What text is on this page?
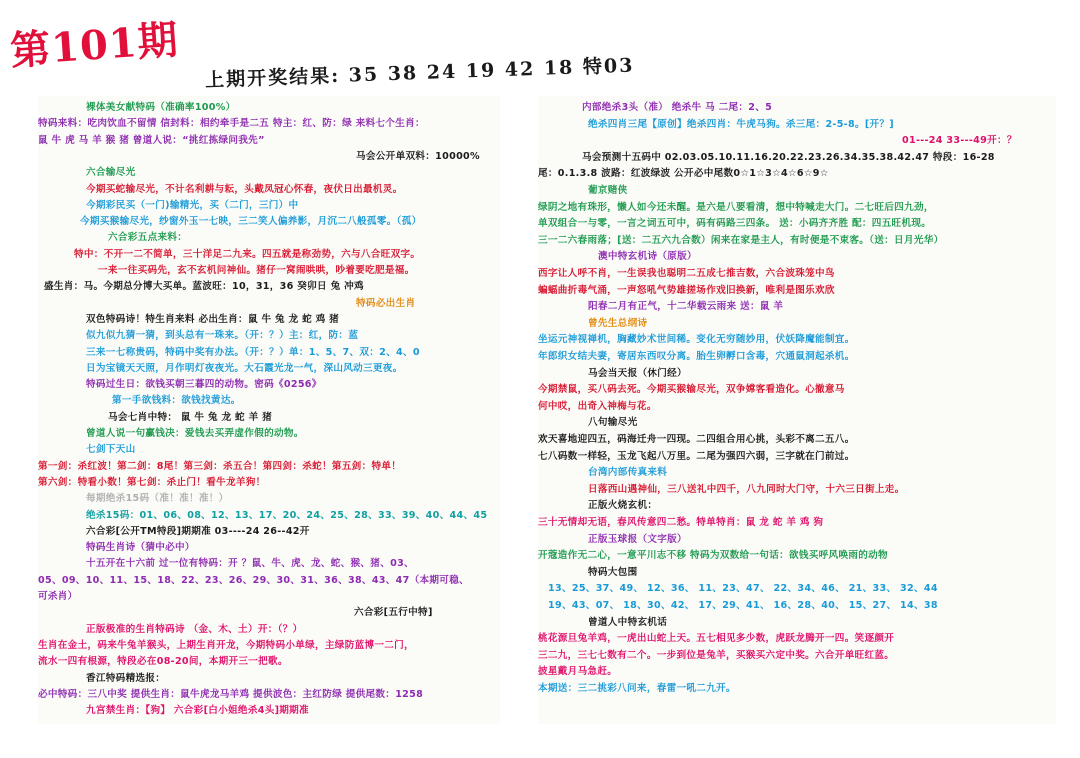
第101期 上期开奖结果: 35 38 24 19 42 18 特03
裸体美女献特码（准确率100%）
特码来料：吃肉饮血不留情 信封料：相约牵手是二五 特主：红、防：绿 来料七个生肖：
鼠 牛 虎 马 羊 猴 猪 曾道人说：“挑红拣绿问我先”
马会公开单双料：10000%
六合输尽光
今期买蛇输尽光，不计名利耕与耘，头戴凤冠心怀春，夜伏日出最机灵。
今期彩民买（一门)输精光，买（二门，三门）中
今期买猴输尽光，纱窗外玉一七映，三二笑人偏养影，月沉二八般孤零。（孤）
六合彩五点来料：
特中：不开一二不简单，三十洋足二九来。四五就是称劲势，六与八合旺双字。
一来一往买码先，玄不玄机问神仙。猪仔一窝闹哄哄，吵着要吃肥是福。
盛生肖：马。今期总分博大买单。蓝波旺：10，31，36 癸卯日 兔 冲鸡
特码必出生肖
双色特码诗！特生肖来料 必出生肖：鼠 牛 兔 龙 蛇 鸡 猪
似九似九猜一猜，到头总有一珠来。（开：？）主：红，防：蓝
三来一七称贵码，特码中奖有办法。（开：？）单：1、5、7、双：2、4、0
日为宝镜天天照，月作明灯夜夜光。大石霞光龙一气，深山风动三更夜。
特码过生日：欲钱买朝三暮四的动物。密码《0256》
第一手欲钱料：欲钱找黄达。
马会七肖中特： 鼠 牛 兔 龙 蛇 羊 猪
曾道人说一句赢钱决：爱钱去买弄虚作假的动物。
七剑下天山
第一剑：杀红波！第二剑：8尾！第三剑：杀五合！第四剑：杀蛇！第五剑：特单！
第六剑：特看小数！第七剑：杀止门！看牛龙羊狗！
每期绝杀15码（准！准！准！）
绝杀15码：01、06、08、12、13、17、20、24、25、28、33、39、40、44、45
六合彩[公开TM特段]期期准 03----24 26--42开
特码生肖诗（猜中必中）
十五开在十六前 过一位有特码：开 ？鼠、牛、虎、龙、蛇、猴、猪、03、
05、09、10、11、15、18、22、23、26、29、30、31、36、38、43、47（本期可稳、
可杀肖）
六合彩[五行中特]
正版极准的生肖特码诗 （金、木、土）开：（？）
生肖在金土，码来牛兔羊猴头，上期生肖开龙，今期特码小单绿，主绿防蓝博一二门，
流水一四有根源，特段必在08-20间，本期开三一把歌。
香江特码精选报：
必中特码：三八中奖 提供生肖：鼠牛虎龙马羊鸡 提供波色：主红防绿 提供尾数：1258
九宫禁生肖：【狗】 六合彩[白小姐绝杀4头]期期准
内部绝杀3头（准） 绝杀牛 马 二尾：2、5
绝杀四肖三尾【原创】绝杀四肖：牛虎马狗。杀三尾：2-5-8。[开？]
01---24 33---49开：？
马会预测十五码中 02.03.05.10.11.16.20.22.23.26.34.35.38.42.47 特段：16-28
尾：0.1.3.8 波路：红波绿波 公开必中尾数0☆1☆3☆4☆6☆9☆
葡京赌侠
绿阴之地有珠形，懒人如今还未醒。是六是八要看清，想中特喊走大门。二七旺后四九劲，
单双组合一与零，一言之词五可中，码有码路三四条。 送：小码齐齐胜 配：四五旺机现。
三一二六春雨落；[送：二五六九合数）闲来在家是主人，有时便是不束客。（送：日月光华）
澳中特玄机诗（原版）
西字让人呼不肖，一生误我也聪明二五成七推吉数，六合波珠笼中鸟
蝙蝠曲折毒气涌，一声怒吼气势雄搓场作戏旧换新，唯利是图乐欢欣
阳春二月有正气，十二华载云雨来 送：鼠 羊
曾先生总纲诗
坐运元神视禅机，胸藏妙术世间稀。变化无穷随妙用，伏妖降魔能制宜。
年郎织女结夫妻，寄居东西叹分离。胎生卵孵口含毒，穴通鼠洞起杀机。
马会当天报（休门经）
今期禁鼠，买八码去死。今期买猴输尽光，双争嫦客看造化。心撤意马
何中哎，出奇入神梅与花。
八句输尽光
欢天喜地迎四五，码海迁舟一四现。二四组合用心挑，头彩不离二五八。
七八码数一样轻，玉龙飞起八万里。二尾为强四六弱，三字就在门前过。
台湾内部传真来料
日落西山遇神仙，三八送礼中四千，八九同时大门守，十六三日街上走。
正版火烧玄机：
三十无情却无语，春风传意四二愁。特单特肖：鼠 龙 蛇 羊 鸡 狗
正版玉球报（文字版）
开蔻造作无二心，一意平川志不移 特码为双数给一句话：欲钱买呼风唤雨的动物
特码大包围
13、25、37、49、 12、36、 11、23、47、 22、34、46、 21、33、 32、44
19、43、07、 18、30、42、 17、29、41、 16、28、40、 15、27、 14、38
曾道人中特玄机话
桃花源旦兔羊鸡，一虎出山蛇上天。五七相见多少数，虎跃龙腾开一四。笑逐颜开
三二九，三七七数有二个。一步到位是兔羊，买猴买六定中奖。六合开单旺红蓝。
披星戴月马急赶。
本期送：三二挑彩八问来，春雷一吼二九开。
